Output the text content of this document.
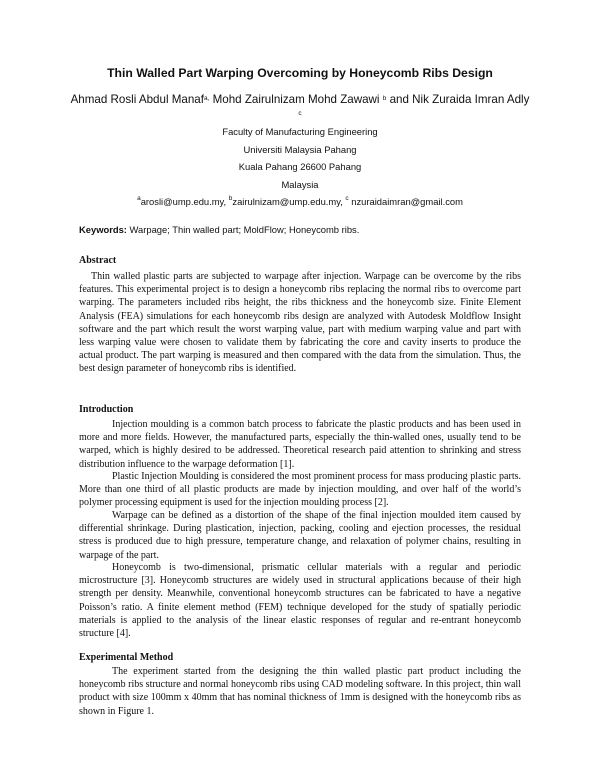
Thin Walled Part Warping Overcoming by Honeycomb Ribs Design
Ahmad Rosli Abdul Manaf$^{a,}$ Mohd Zairulnizam Mohd Zawawi $^b$ and Nik Zuraida Imran Adly $^c$
Faculty of Manufacturing Engineering
Universiti Malaysia Pahang
Kuala Pahang 26600 Pahang
Malaysia
$^a$arosli@ump.edu.my, $^b$zairulnizam@ump.edu.my, $^c$ nzuraidaimran@gmail.com
Keywords: Warpage; Thin walled part; MoldFlow; Honeycomb ribs.
Abstract

Thin walled plastic parts are subjected to warpage after injection. Warpage can be overcome by the ribs features. This experimental project is to design a honeycomb ribs replacing the normal ribs to overcome part warping. The parameters included ribs height, the ribs thickness and the honeycomb size. Finite Element Analysis (FEA) simulations for each honeycomb ribs design are analyzed with Autodesk Moldflow Insight software and the part which result the worst warping value, part with medium warping value and part with less warping value were chosen to validate them by fabricating the core and cavity inserts to produce the actual product. The part warping is measured and then compared with the data from the simulation. Thus, the best design parameter of honeycomb ribs is identified.

Introduction

Injection moulding is a common batch process to fabricate the plastic products and has been used in more and more fields. However, the manufactured parts, especially the thin-walled ones, usually tend to be warped, which is highly desired to be addressed. Theoretical research paid attention to shrinking and stress distribution influence to the warpage deformation [1].

Plastic Injection Moulding is considered the most prominent process for mass producing plastic parts. More than one third of all plastic products are made by injection moulding, and over half of the world’s polymer processing equipment is used for the injection moulding process [2].

Warpage can be defined as a distortion of the shape of the final injection moulded item caused by differential shrinkage. During plastication, injection, packing, cooling and ejection processes, the residual stress is produced due to high pressure, temperature change, and relaxation of polymer chains, resulting in warpage of the part.

Honeycomb is two-dimensional, prismatic cellular materials with a regular and periodic microstructure [3]. Honeycomb structures are widely used in structural applications because of their high strength per density. Meanwhile, conventional honeycomb structures can be fabricated to have a negative Poisson’s ratio. A finite element method (FEM) technique developed for the study of spatially periodic materials is applied to the analysis of the linear elastic responses of regular and re-entrant honeycomb structure [4].

Experimental Method

The experiment started from the designing the thin walled plastic part product including the honeycomb ribs structure and normal honeycomb ribs using CAD modeling software. In this project, thin wall product with size 100mm x 40mm that has nominal thickness of 1mm is designed with the honeycomb ribs as shown in Figure 1.
